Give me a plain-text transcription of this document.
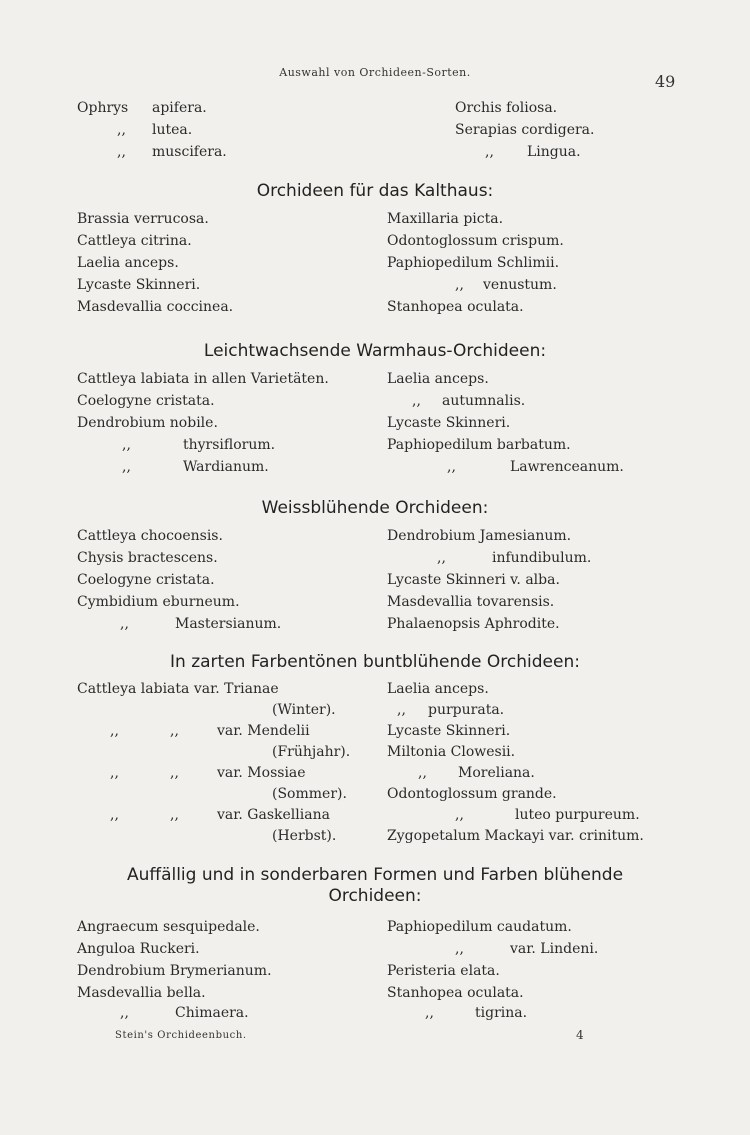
Auswahl von Orchideen-Sorten.	49
Ophrys apifera.	Orchis foliosa.
,, lutea.	Serapias cordigera.
,, muscifera.	,, Lingua.
Orchideen für das Kalthaus:
Brassia verrucosa.	Maxillaria picta.
Cattleya citrina.	Odontoglossum crispum.
Laelia anceps.	Paphiopedilum Schlimii.
Lycaste Skinneri.	,, venustum.
Masdevallia coccinea.	Stanhopea oculata.
Leichtwachsende Warmhaus-Orchideen:
Cattleya labiata in allen Varietäten.	Laelia anceps.
Coelogyne cristata.	,, autumnalis.
Dendrobium nobile.	Lycaste Skinneri.
,,	thyrsiflorum.	Paphiopedilum barbatum.
,,	Wardianum.	,,	Lawrenceanum.
Weissblühende Orchideen:
Cattleya chocoensis.	Dendrobium Jamesianum.
Chysis bractescens.	,,	infundibulum.
Coelogyne cristata.	Lycaste Skinneri v. alba.
Cymbidium eburneum.	Masdevallia tovarensis.
,,	Mastersianum.	Phalaenopsis Aphrodite.
In zarten Farbentönen buntblühende Orchideen:
Cattleya labiata var. Trianae	Laelia anceps.
(Winter).	,, purpurata.
,,	,,	var. Mendelii	Lycaste Skinneri.
(Frühjahr).	Miltonia Clowesii.
,,	,,	var. Mossiae	,, Moreliana.
(Sommer).	Odontoglossum grande.
,,	,,	var. Gaskelliana	,,	luteo purpureum.
(Herbst).	Zygopetalum Mackayi var. crinitum.
Auffällig und in sonderbaren Formen und Farben blühende
Orchideen:
Angraecum sesquipedale.	Paphiopedilum caudatum.
Anguloa Ruckeri.	,,	var. Lindeni.
Dendrobium Brymerianum.	Peristeria elata.
Masdevallia bella.	Stanhopea oculata.
,,	Chimaera.	,,	tigrina.
Stein's Orchideenbuch.	4
